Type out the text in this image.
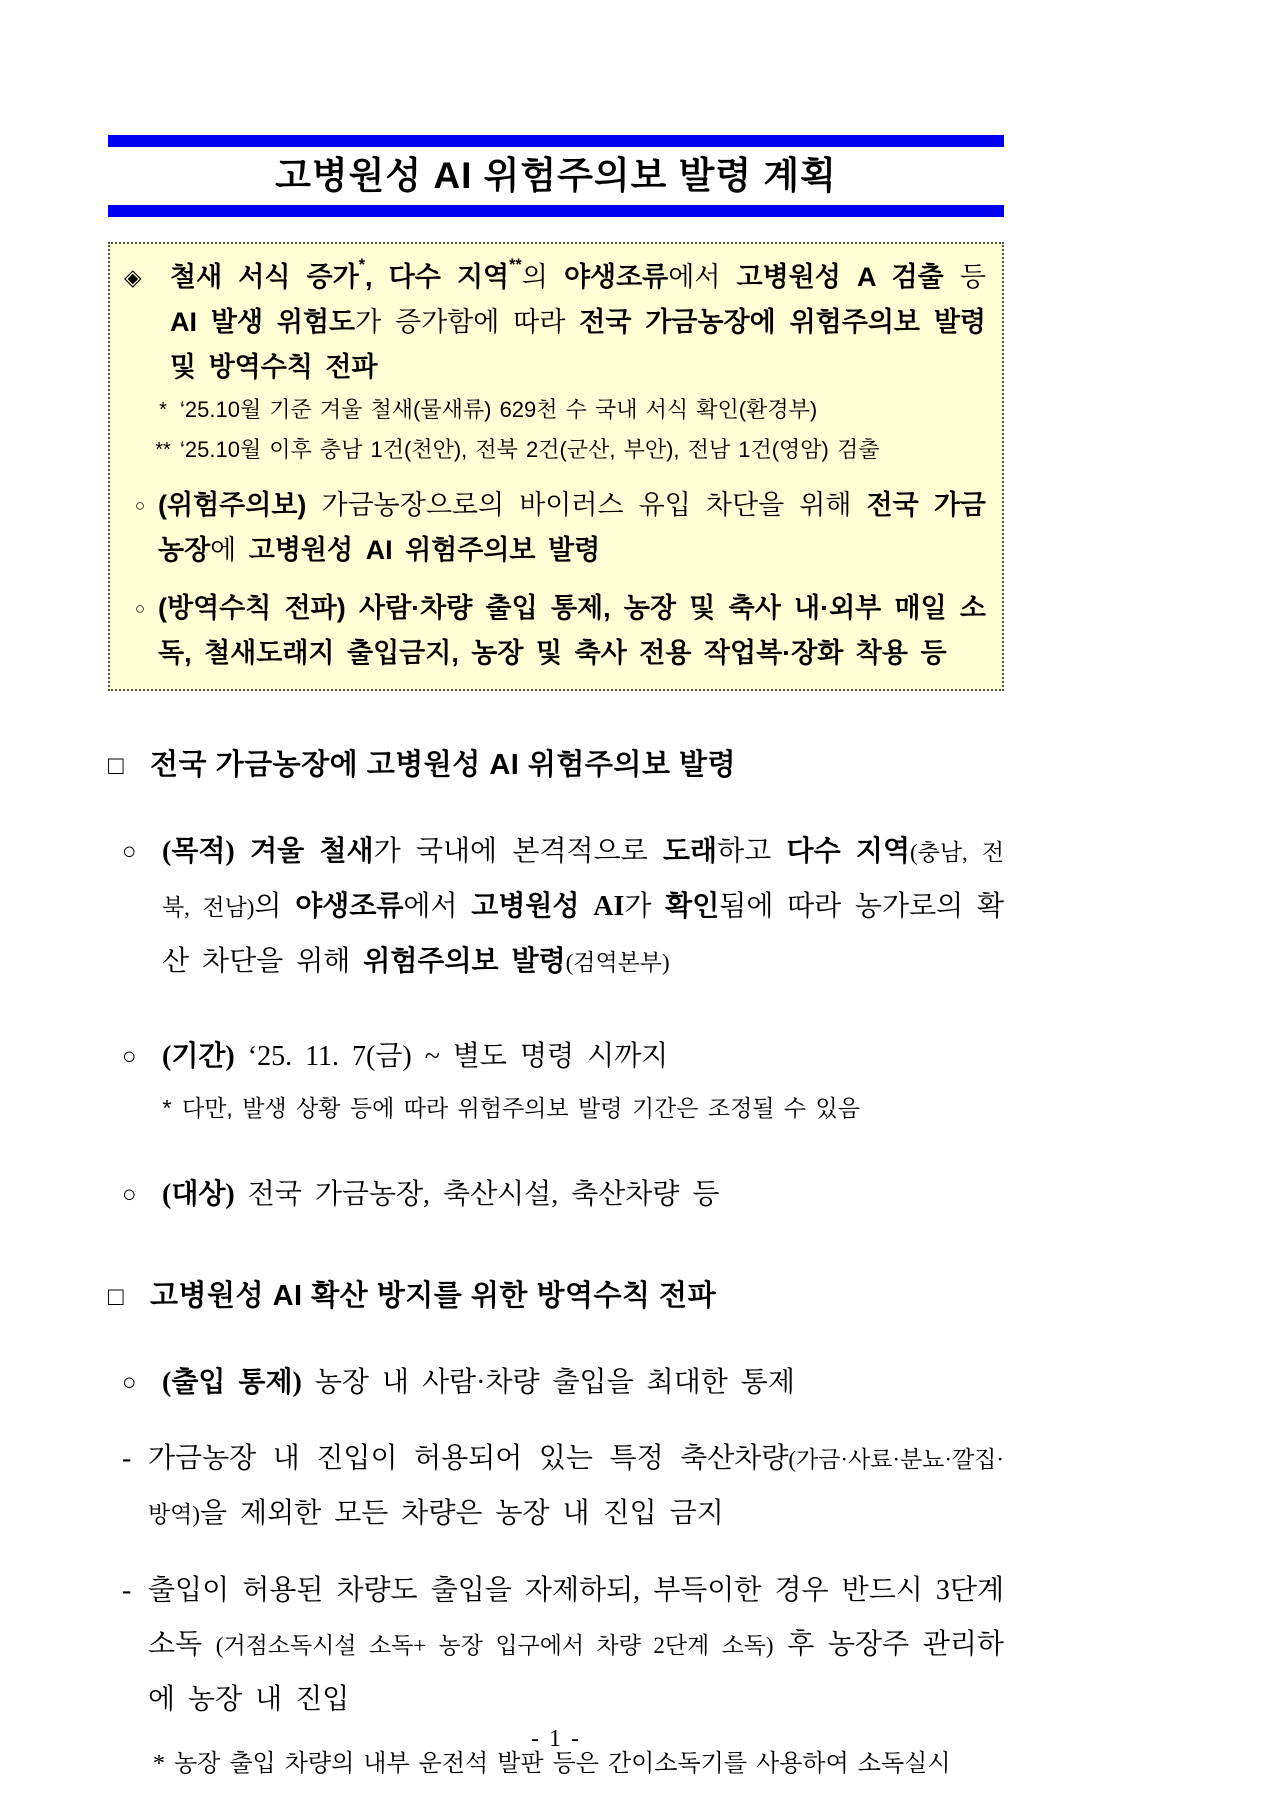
고병원성 AI 위험주의보 발령 계획
◈	철새 서식 증가*, 다수 지역**의 야생조류에서 고병원성 A 검출 등 AI 발생 위험도가 증가함에 따라 전국 가금농장에 위험주의보 발령 및 방역수칙 전파
* ‘25.10월 기준 겨울 철새(물새류) 629천 수 국내 서식 확인(환경부)
** ‘25.10월 이후 충남 1건(천안), 전북 2건(군산, 부안), 전남 1건(영암) 검출
○ (위험주의보) 가금농장으로의 바이러스 유입 차단을 위해 전국 가금 농장에 고병원성 AI 위험주의보 발령
○ (방역수칙 전파) 사람·차량 출입 통제, 농장 및 축사 내·외부 매일 소독, 철새도래지 출입금지, 농장 및 축사 전용 작업복·장화 착용 등
□ 전국 가금농장에 고병원성 AI 위험주의보 발령
○ (목적) 겨울 철새가 국내에 본격적으로 도래하고 다수 지역(충남, 전북, 전남)의 야생조류에서 고병원성 AI가 확인됨에 따라 농가로의 확산 차단을 위해 위험주의보 발령(검역본부)
○ (기간) ‘25. 11. 7(금) ~ 별도 명령 시까지
* 다만, 발생 상황 등에 따라 위험주의보 발령 기간은 조정될 수 있음
○ (대상) 전국 가금농장, 축산시설, 축산차량 등
□ 고병원성 AI 확산 방지를 위한 방역수칙 전파
○ (출입 통제) 농장 내 사람·차량 출입을 최대한 통제
- 가금농장 내 진입이 허용되어 있는 특정 축산차량(가금·사료·분뇨·깔집·방역)을 제외한 모든 차량은 농장 내 진입 금지
- 출입이 허용된 차량도 출입을 자제하되, 부득이한 경우 반드시 3단계 소독 (거점소독시설 소독+ 농장 입구에서 차량 2단계 소독) 후 농장주 관리하에 농장 내 진입
* 농장 출입 차량의 내부 운전석 발판 등은 간이소독기를 사용하여 소독실시
- 1 -
